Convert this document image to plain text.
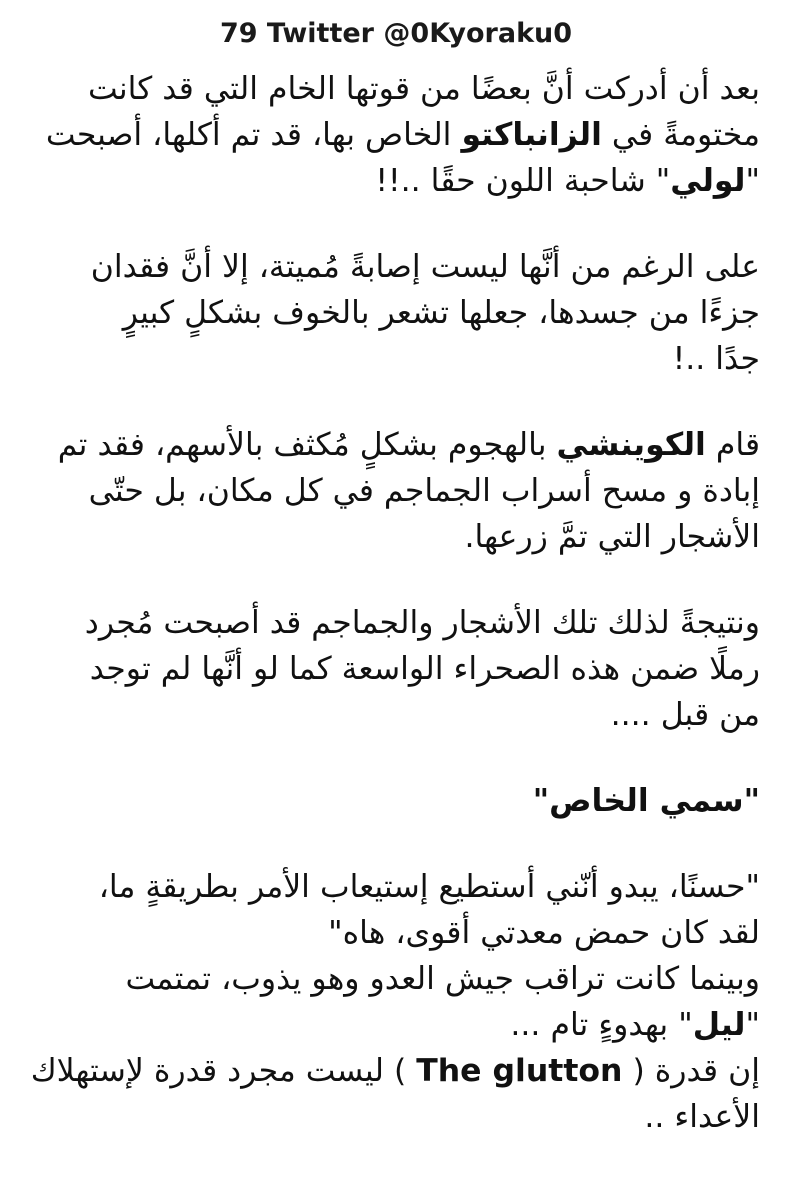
79 Twitter @0Kyoraku0
بعد أن أدركت أنَّ بعضًا من قوتها الخام التي قد كانت
مختومةً في الزانباكتو الخاص بها، قد تم أكلها، أصبحت
"لولي" شاحبة اللون حقًا ..!!
على الرغم من أنَّها ليست إصابةً مُميتة، إلا أنَّ فقدان
جزءًا من جسدها، جعلها تشعر بالخوف بشكلٍ كبيرٍ
جدًا ..!
قام الكوينشي بالهجوم بشكلٍ مُكثف بالأسهم، فقد تم
إبادة و مسح أسراب الجماجم في كل مكان، بل حتّى
الأشجار التي تمَّ زرعها.
ونتيجةً لذلك تلك الأشجار والجماجم قد أصبحت مُجرد
رملًا ضمن هذه الصحراء الواسعة كما لو أنَّها لم توجد
من قبل ....
"سمي الخاص"
"حسنًا، يبدو أنّني أستطيع إستيعاب الأمر بطريقةٍ ما،
لقد كان حمض معدتي أقوى، هاه"
وبينما كانت تراقب جيش العدو وهو يذوب، تمتمت
"ليل" بهدوءٍ تام ...
إن قدرة ( The glutton ) ليست مجرد قدرة لإستهلاك
الأعداء ..
